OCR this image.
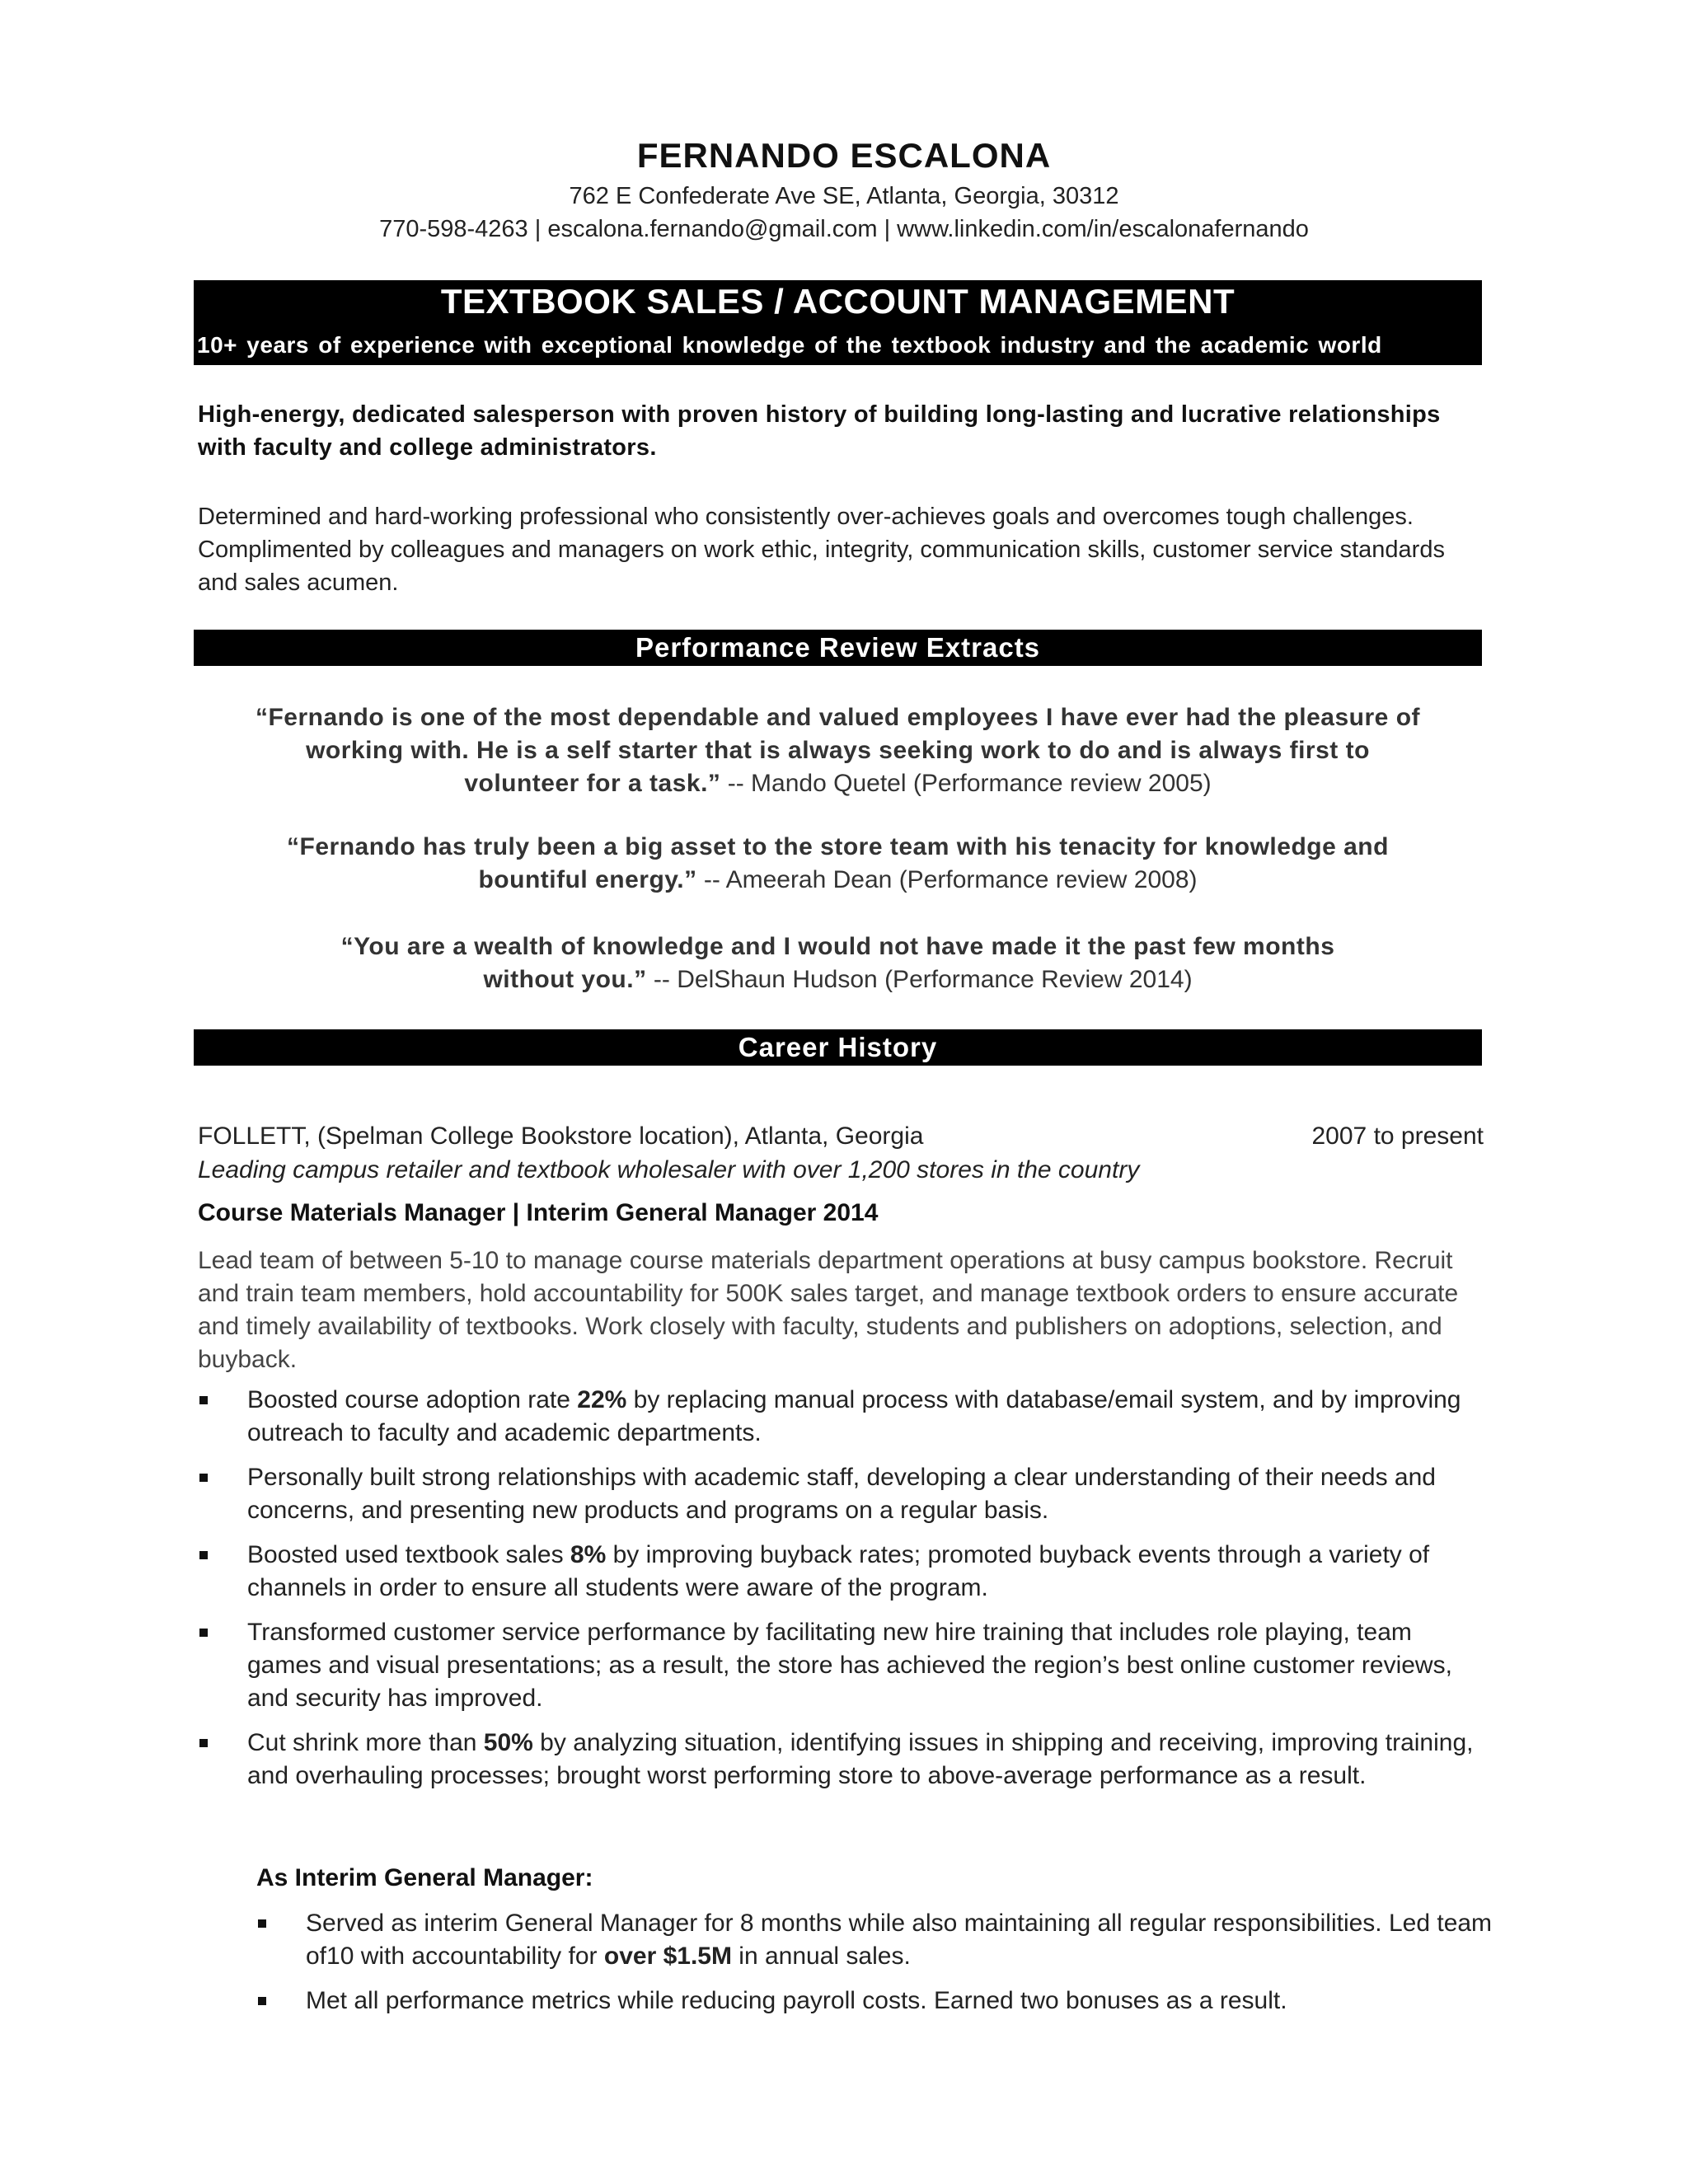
FERNANDO ESCALONA
762 E Confederate Ave SE, Atlanta, Georgia, 30312
770-598-4263 | escalona.fernando@gmail.com | www.linkedin.com/in/escalonafernando
TEXTBOOK SALES / ACCOUNT MANAGEMENT
10+ years of experience with exceptional knowledge of the textbook industry and the academic world
High-energy, dedicated salesperson with proven history of building long-lasting and lucrative relationships with faculty and college administrators.
Determined and hard-working professional who consistently over-achieves goals and overcomes tough challenges. Complimented by colleagues and managers on work ethic, integrity, communication skills, customer service standards and sales acumen.
Performance Review Extracts
“Fernando is one of the most dependable and valued employees I have ever had the pleasure of
working with. He is a self starter that is always seeking work to do and is always first to
volunteer for a task.” -- Mando Quetel (Performance review 2005)
“Fernando has truly been a big asset to the store team with his tenacity for knowledge and
bountiful energy.” -- Ameerah Dean (Performance review 2008)
“You are a wealth of knowledge and I would not have made it the past few months
without you.” -- DelShaun Hudson (Performance Review 2014)
Career History
FOLLETT, (Spelman College Bookstore location), Atlanta, Georgia	2007 to present
Leading campus retailer and textbook wholesaler with over 1,200 stores in the country
Course Materials Manager | Interim General Manager 2014
Lead team of between 5-10 to manage course materials department operations at busy campus bookstore. Recruit and train team members, hold accountability for 500K sales target, and manage textbook orders to ensure accurate and timely availability of textbooks. Work closely with faculty, students and publishers on adoptions, selection, and buyback.
Boosted course adoption rate 22% by replacing manual process with database/email system, and by improving outreach to faculty and academic departments.
Personally built strong relationships with academic staff, developing a clear understanding of their needs and concerns, and presenting new products and programs on a regular basis.
Boosted used textbook sales 8% by improving buyback rates; promoted buyback events through a variety of channels in order to ensure all students were aware of the program.
Transformed customer service performance by facilitating new hire training that includes role playing, team games and visual presentations; as a result, the store has achieved the region’s best online customer reviews, and security has improved.
Cut shrink more than 50% by analyzing situation, identifying issues in shipping and receiving, improving training, and overhauling processes; brought worst performing store to above-average performance as a result.
As Interim General Manager:
Served as interim General Manager for 8 months while also maintaining all regular responsibilities. Led team of10 with accountability for over $1.5M in annual sales.
Met all performance metrics while reducing payroll costs. Earned two bonuses as a result.
